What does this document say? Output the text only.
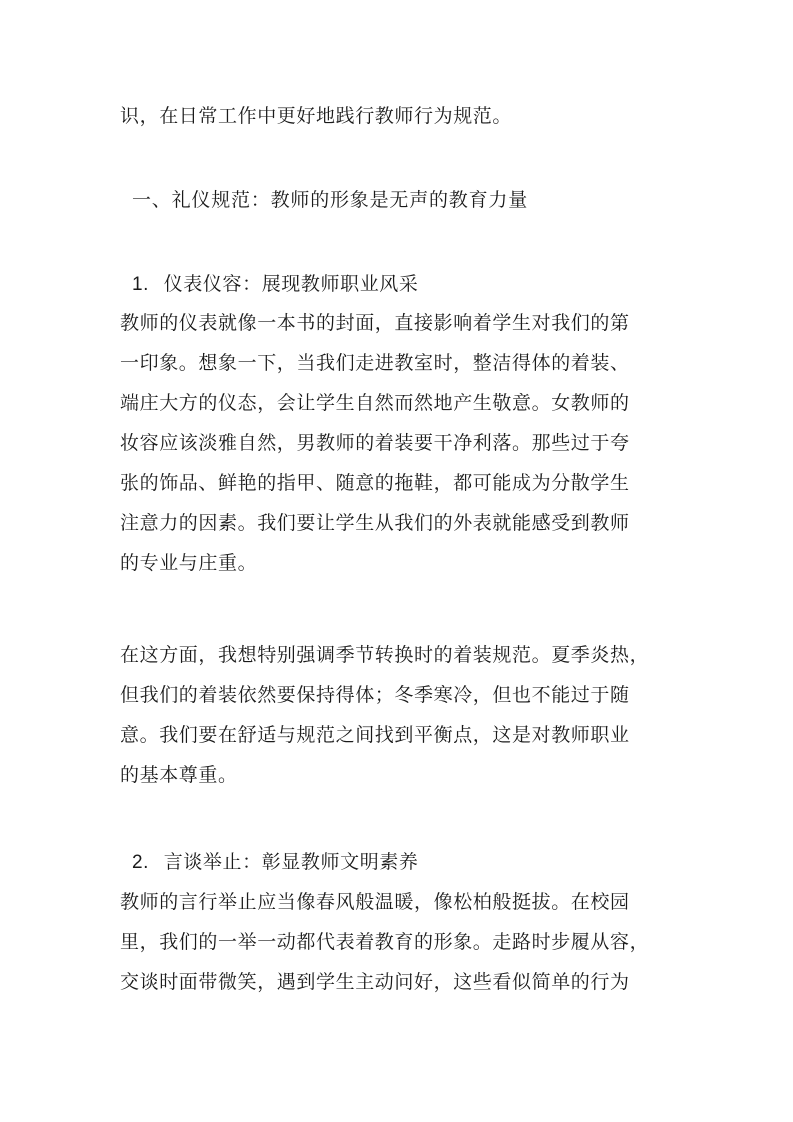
识，在日常工作中更好地践行教师行为规范。
一、礼仪规范：教师的形象是无声的教育力量
1. 仪表仪容：展现教师职业风采
教师的仪表就像一本书的封面，直接影响着学生对我们的第
一印象。想象一下，当我们走进教室时，整洁得体的着装、
端庄大方的仪态，会让学生自然而然地产生敬意。女教师的
妆容应该淡雅自然，男教师的着装要干净利落。那些过于夸
张的饰品、鲜艳的指甲、随意的拖鞋，都可能成为分散学生
注意力的因素。我们要让学生从我们的外表就能感受到教师
的专业与庄重。
在这方面，我想特别强调季节转换时的着装规范。夏季炎热，
但我们的着装依然要保持得体；冬季寒冷，但也不能过于随
意。我们要在舒适与规范之间找到平衡点，这是对教师职业
的基本尊重。
2. 言谈举止：彰显教师文明素养
教师的言行举止应当像春风般温暖，像松柏般挺拔。在校园
里，我们的一举一动都代表着教育的形象。走路时步履从容，
交谈时面带微笑，遇到学生主动问好，这些看似简单的行为
